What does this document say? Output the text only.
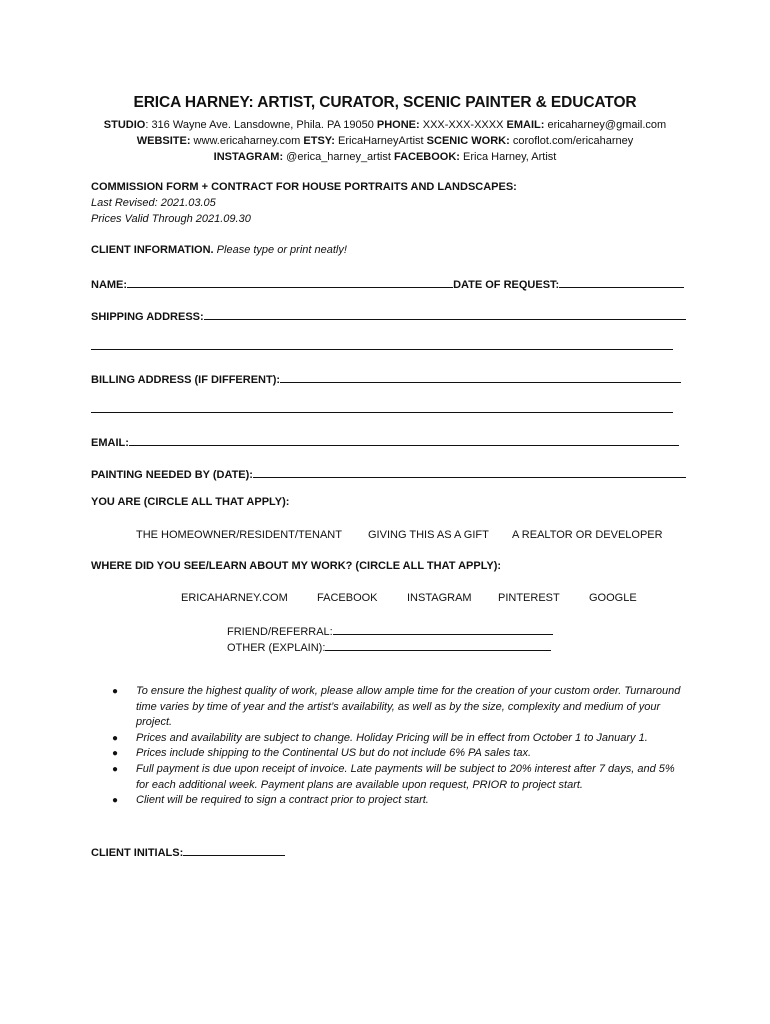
ERICA HARNEY: ARTIST, CURATOR, SCENIC PAINTER & EDUCATOR
STUDIO: 316 Wayne Ave. Lansdowne, Phila. PA 19050 PHONE: XXX-XXX-XXXX EMAIL: ericaharney@gmail.com
WEBSITE: www.ericaharney.com ETSY: EricaHarneyArtist SCENIC WORK: coroflot.com/ericaharney
INSTAGRAM: @erica_harney_artist FACEBOOK: Erica Harney, Artist
COMMISSION FORM + CONTRACT FOR HOUSE PORTRAITS AND LANDSCAPES:
Last Revised: 2021.03.05
Prices Valid Through 2021.09.30
CLIENT INFORMATION. Please type or print neatly!
NAME:	DATE OF REQUEST:
SHIPPING ADDRESS:
BILLING ADDRESS (IF DIFFERENT):
EMAIL:
PAINTING NEEDED BY (DATE):
YOU ARE (CIRCLE ALL THAT APPLY):
THE HOMEOWNER/RESIDENT/TENANT GIVING THIS AS A GIFT A REALTOR OR DEVELOPER
WHERE DID YOU SEE/LEARN ABOUT MY WORK? (CIRCLE ALL THAT APPLY):
ERICAHARNEY.COM	FACEBOOK	INSTAGRAM PINTEREST	GOOGLE
FRIEND/REFERRAL:
OTHER (EXPLAIN):
● To ensure the highest quality of work, please allow ample time for the creation of your custom order. Turnaround time varies by time of year and the artist’s availability, as well as by the size, complexity and medium of your project.
● Prices and availability are subject to change. Holiday Pricing will be in effect from October 1 to January 1.
● Prices include shipping to the Continental US but do not include 6% PA sales tax.
● Full payment is due upon receipt of invoice. Late payments will be subject to 20% interest after 7 days, and 5% for each additional week. Payment plans are available upon request, PRIOR to project start.
● Client will be required to sign a contract prior to project start.
CLIENT INITIALS:
